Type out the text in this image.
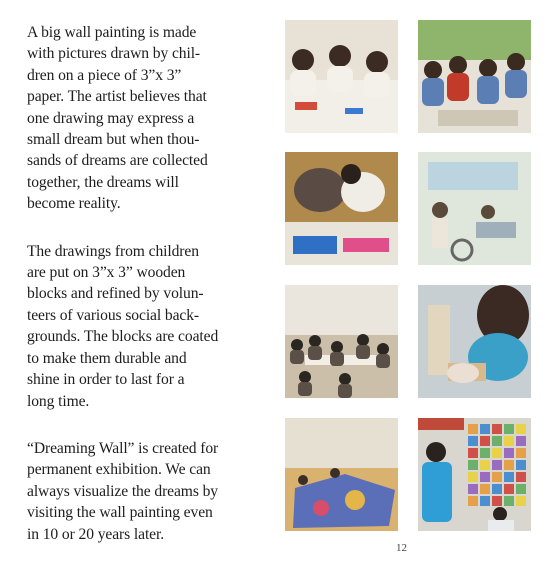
A big wall painting is made
with pictures drawn by chil-
dren on a piece of 3”x 3”
paper. The artist believes that
one drawing may express a
small dream but when thou-
sands of dreams are collected
together, the dreams will
become reality.

The drawings from children
are put on 3”x 3” wooden
blocks and refined by volun-
teers of various social back-
grounds. The blocks are coated
to make them durable and
shine in order to last for a
long time.

“Dreaming Wall” is created for
permanent exhibition. We can
always visualize the dreams by
visiting the wall painting even
in 10 or 20 years later.

12
